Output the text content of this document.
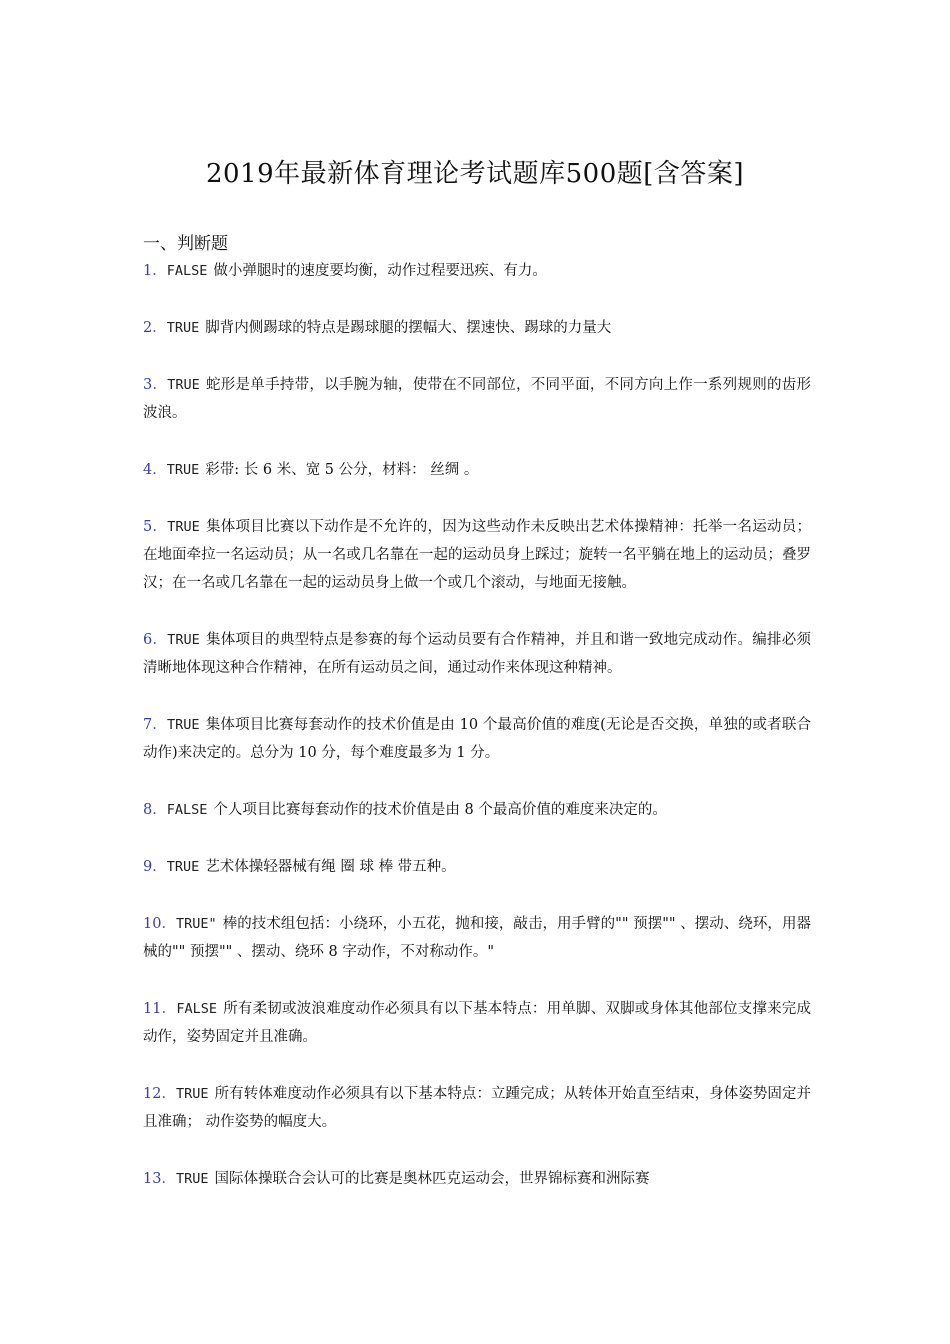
2019年最新体育理论考试题库500题[含答案]
一、判断题
1．FALSE 做小弹腿时的速度要均衡，动作过程要迅疾、有力。
2．TRUE 脚背内侧踢球的特点是踢球腿的摆幅大、摆速快、踢球的力量大
3．TRUE 蛇形是单手持带，以手腕为轴，使带在不同部位，不同平面，不同方向上作一系列规则的齿形波浪。
4．TRUE 彩带: 长 6 米、宽 5 公分，材料： 丝绸 。
5．TRUE 集体项目比赛以下动作是不允许的，因为这些动作未反映出艺术体操精神：托举一名运动员；在地面牵拉一名运动员；从一名或几名靠在一起的运动员身上踩过；旋转一名平躺在地上的运动员；叠罗汉；在一名或几名靠在一起的运动员身上做一个或几个滚动，与地面无接触。
6．TRUE 集体项目的典型特点是参赛的每个运动员要有合作精神，并且和谐一致地完成动作。编排必须清晰地体现这种合作精神，在所有运动员之间，通过动作来体现这种精神。
7．TRUE 集体项目比赛每套动作的技术价值是由 10 个最高价值的难度(无论是否交换，单独的或者联合动作)来决定的。总分为 10 分，每个难度最多为 1 分。
8．FALSE 个人项目比赛每套动作的技术价值是由 8 个最高价值的难度来决定的。
9．TRUE 艺术体操轻器械有绳 圈 球 棒 带五种。
10．TRUE" 棒的技术组包括：小绕环，小五花，抛和接，敲击，用手臂的"" 预摆"" 、摆动、绕环，用器械的"" 预摆"" 、摆动、绕环 8 字动作，不对称动作。"
11．FALSE 所有柔韧或波浪难度动作必须具有以下基本特点：用单脚、双脚或身体其他部位支撑来完成动作，姿势固定并且准确。
12．TRUE 所有转体难度动作必须具有以下基本特点：立踵完成；从转体开始直至结束，身体姿势固定并且准确； 动作姿势的幅度大。
13．TRUE 国际体操联合会认可的比赛是奥林匹克运动会，世界锦标赛和洲际赛
